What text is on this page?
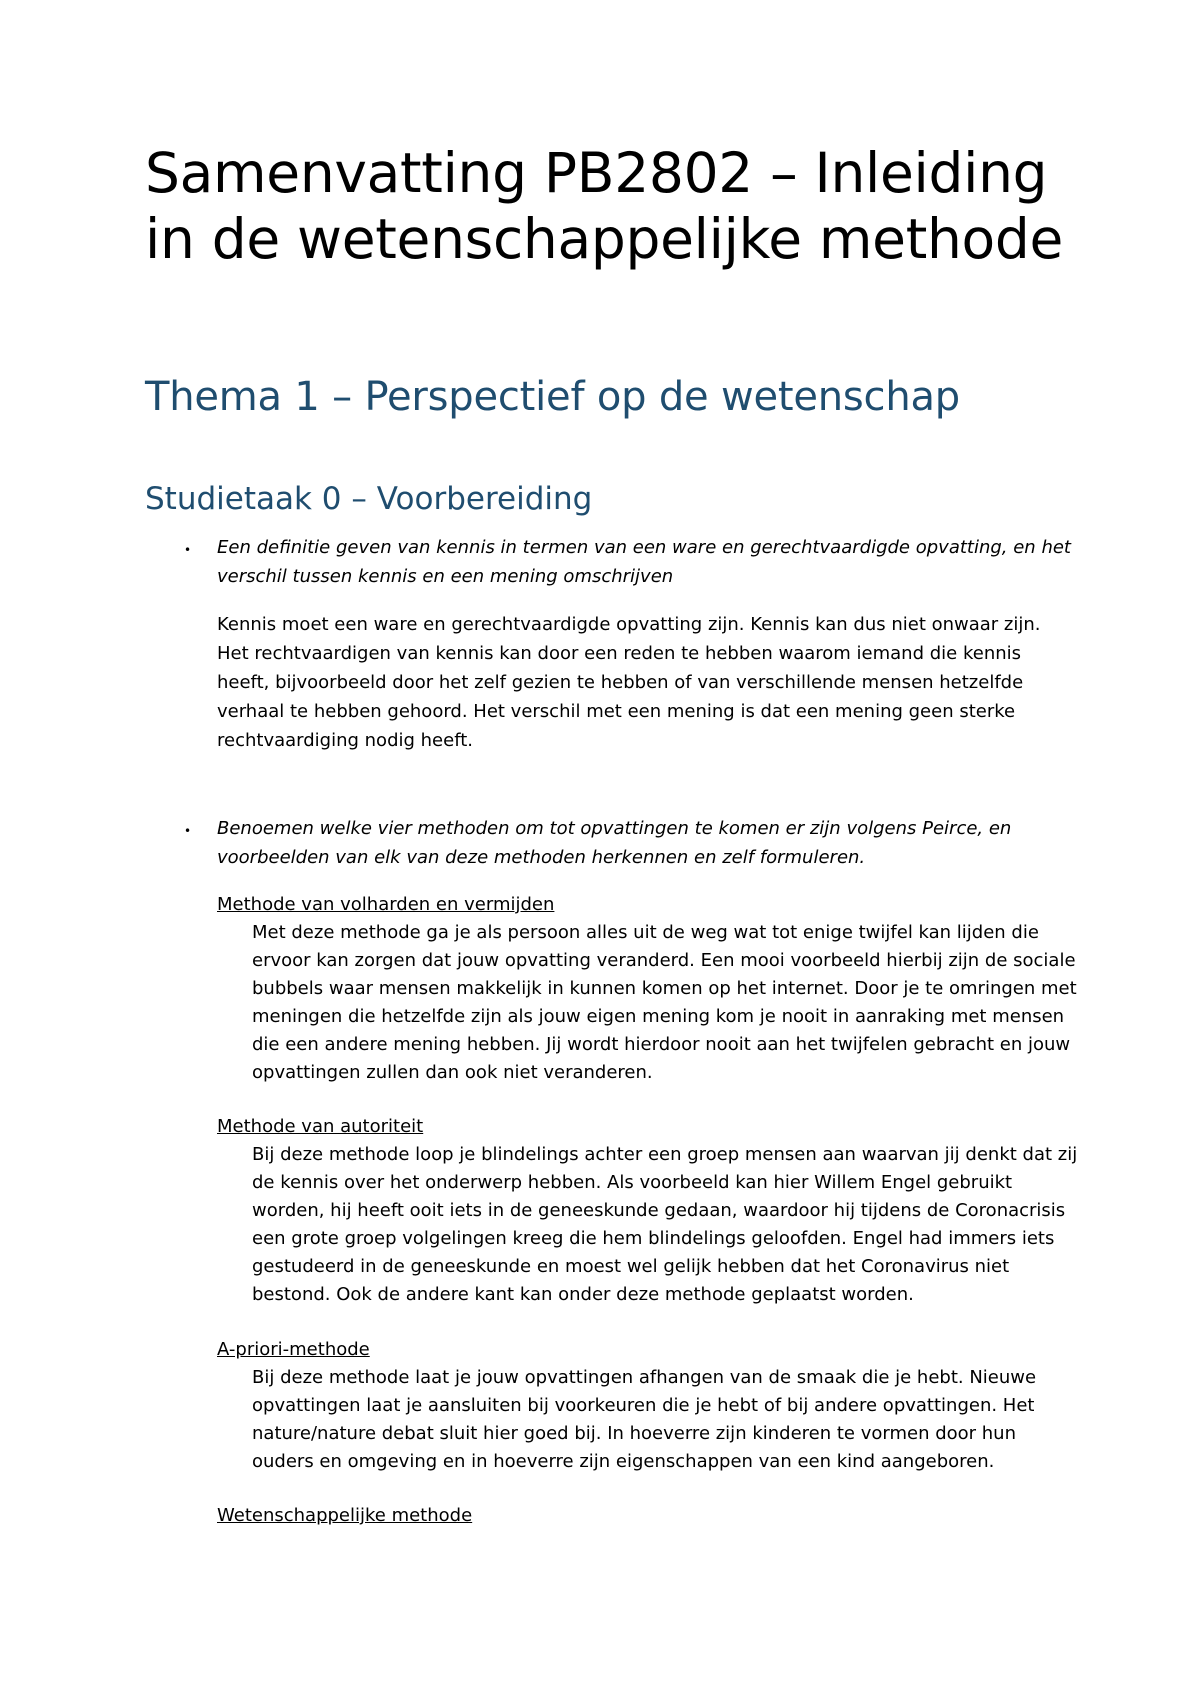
Samenvatting PB2802 – Inleiding in de wetenschappelijke methode
Thema 1 – Perspectief op de wetenschap
Studietaak 0 – Voorbereiding
• Een definitie geven van kennis in termen van een ware en gerechtvaardigde opvatting, en het verschil tussen kennis en een mening omschrijven

Kennis moet een ware en gerechtvaardigde opvatting zijn. Kennis kan dus niet onwaar zijn. Het rechtvaardigen van kennis kan door een reden te hebben waarom iemand die kennis heeft, bijvoorbeeld door het zelf gezien te hebben of van verschillende mensen hetzelfde verhaal te hebben gehoord. Het verschil met een mening is dat een mening geen sterke rechtvaardiging nodig heeft.

• Benoemen welke vier methoden om tot opvattingen te komen er zijn volgens Peirce, en voorbeelden van elk van deze methoden herkennen en zelf formuleren.

Methode van volharden en vermijden

Met deze methode ga je als persoon alles uit de weg wat tot enige twijfel kan lijden die ervoor kan zorgen dat jouw opvatting veranderd. Een mooi voorbeeld hierbij zijn de sociale bubbels waar mensen makkelijk in kunnen komen op het internet. Door je te omringen met meningen die hetzelfde zijn als jouw eigen mening kom je nooit in aanraking met mensen die een andere mening hebben. Jij wordt hierdoor nooit aan het twijfelen gebracht en jouw opvattingen zullen dan ook niet veranderen.

Methode van autoriteit

Bij deze methode loop je blindelings achter een groep mensen aan waarvan jij denkt dat zij de kennis over het onderwerp hebben. Als voorbeeld kan hier Willem Engel gebruikt worden, hij heeft ooit iets in de geneeskunde gedaan, waardoor hij tijdens de Coronacrisis een grote groep volgelingen kreeg die hem blindelings geloofden. Engel had immers iets gestudeerd in de geneeskunde en moest wel gelijk hebben dat het Coronavirus niet bestond. Ook de andere kant kan onder deze methode geplaatst worden.

A-priori-methode

Bij deze methode laat je jouw opvattingen afhangen van de smaak die je hebt. Nieuwe opvattingen laat je aansluiten bij voorkeuren die je hebt of bij andere opvattingen. Het nature/nature debat sluit hier goed bij. In hoeverre zijn kinderen te vormen door hun ouders en omgeving en in hoeverre zijn eigenschappen van een kind aangeboren.

Wetenschappelijke methode
